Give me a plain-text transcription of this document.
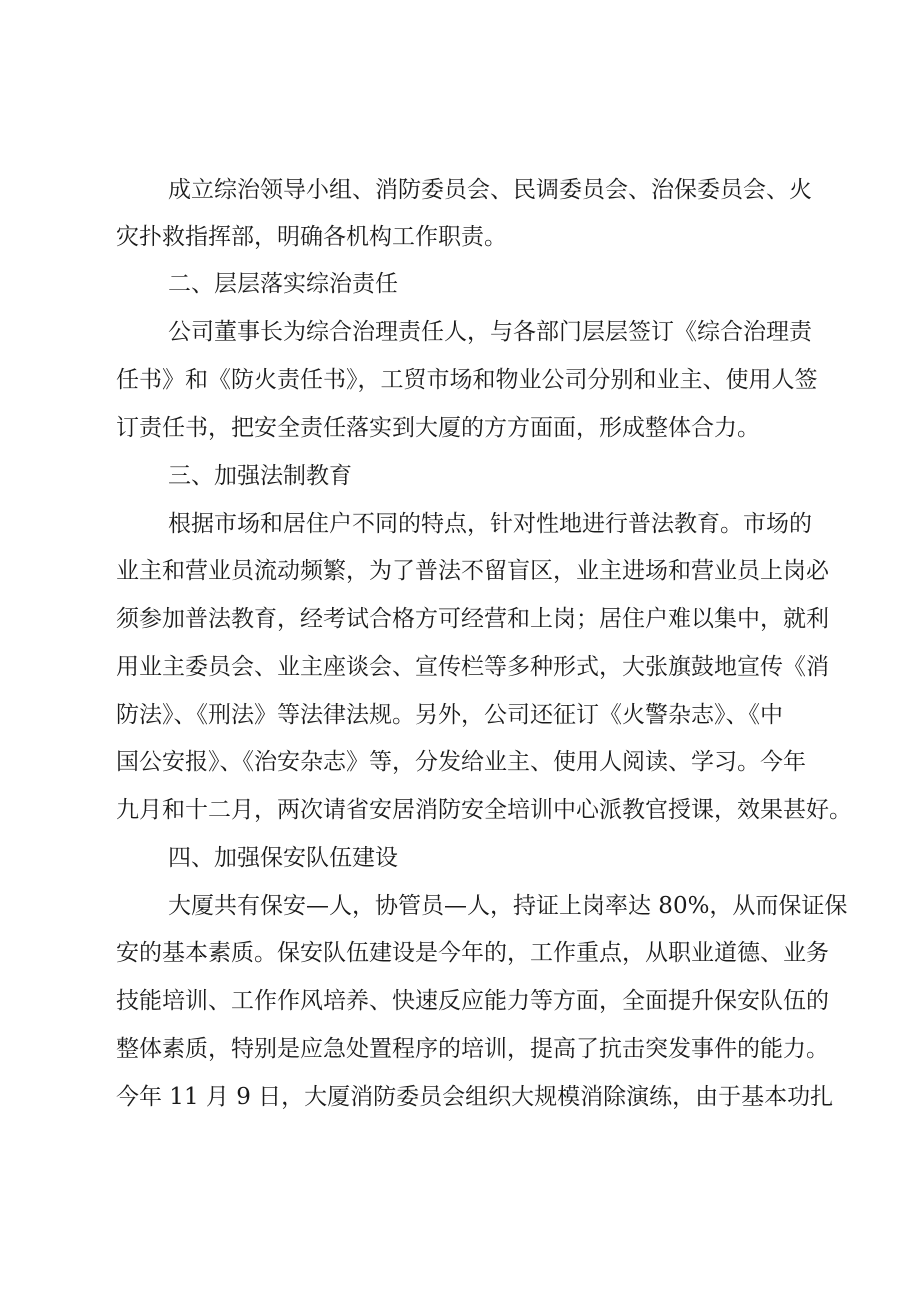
成立综治领导小组、消防委员会、民调委员会、治保委员会、火
灾扑救指挥部，明确各机构工作职责。
二、层层落实综治责任
公司董事长为综合治理责任人，与各部门层层签订《综合治理责
任书》和《防火责任书》，工贸市场和物业公司分别和业主、使用人签
订责任书，把安全责任落实到大厦的方方面面，形成整体合力。
三、加强法制教育
根据市场和居住户不同的特点，针对性地进行普法教育。市场的
业主和营业员流动频繁，为了普法不留盲区，业主进场和营业员上岗必
须参加普法教育，经考试合格方可经营和上岗；居住户难以集中，就利
用业主委员会、业主座谈会、宣传栏等多种形式，大张旗鼓地宣传《消
防法》、《刑法》等法律法规。另外，公司还征订《火警杂志》、《中
国公安报》、《治安杂志》等，分发给业主、使用人阅读、学习。今年
九月和十二月，两次请省安居消防安全培训中心派教官授课，效果甚好。
四、加强保安队伍建设
大厦共有保安—人，协管员—人，持证上岗率达 80%，从而保证保
安的基本素质。保安队伍建设是今年的，工作重点，从职业道德、业务
技能培训、工作作风培养、快速反应能力等方面，全面提升保安队伍的
整体素质，特别是应急处置程序的培训，提高了抗击突发事件的能力。
今年 11 月 9 日，大厦消防委员会组织大规模消除演练，由于基本功扎
